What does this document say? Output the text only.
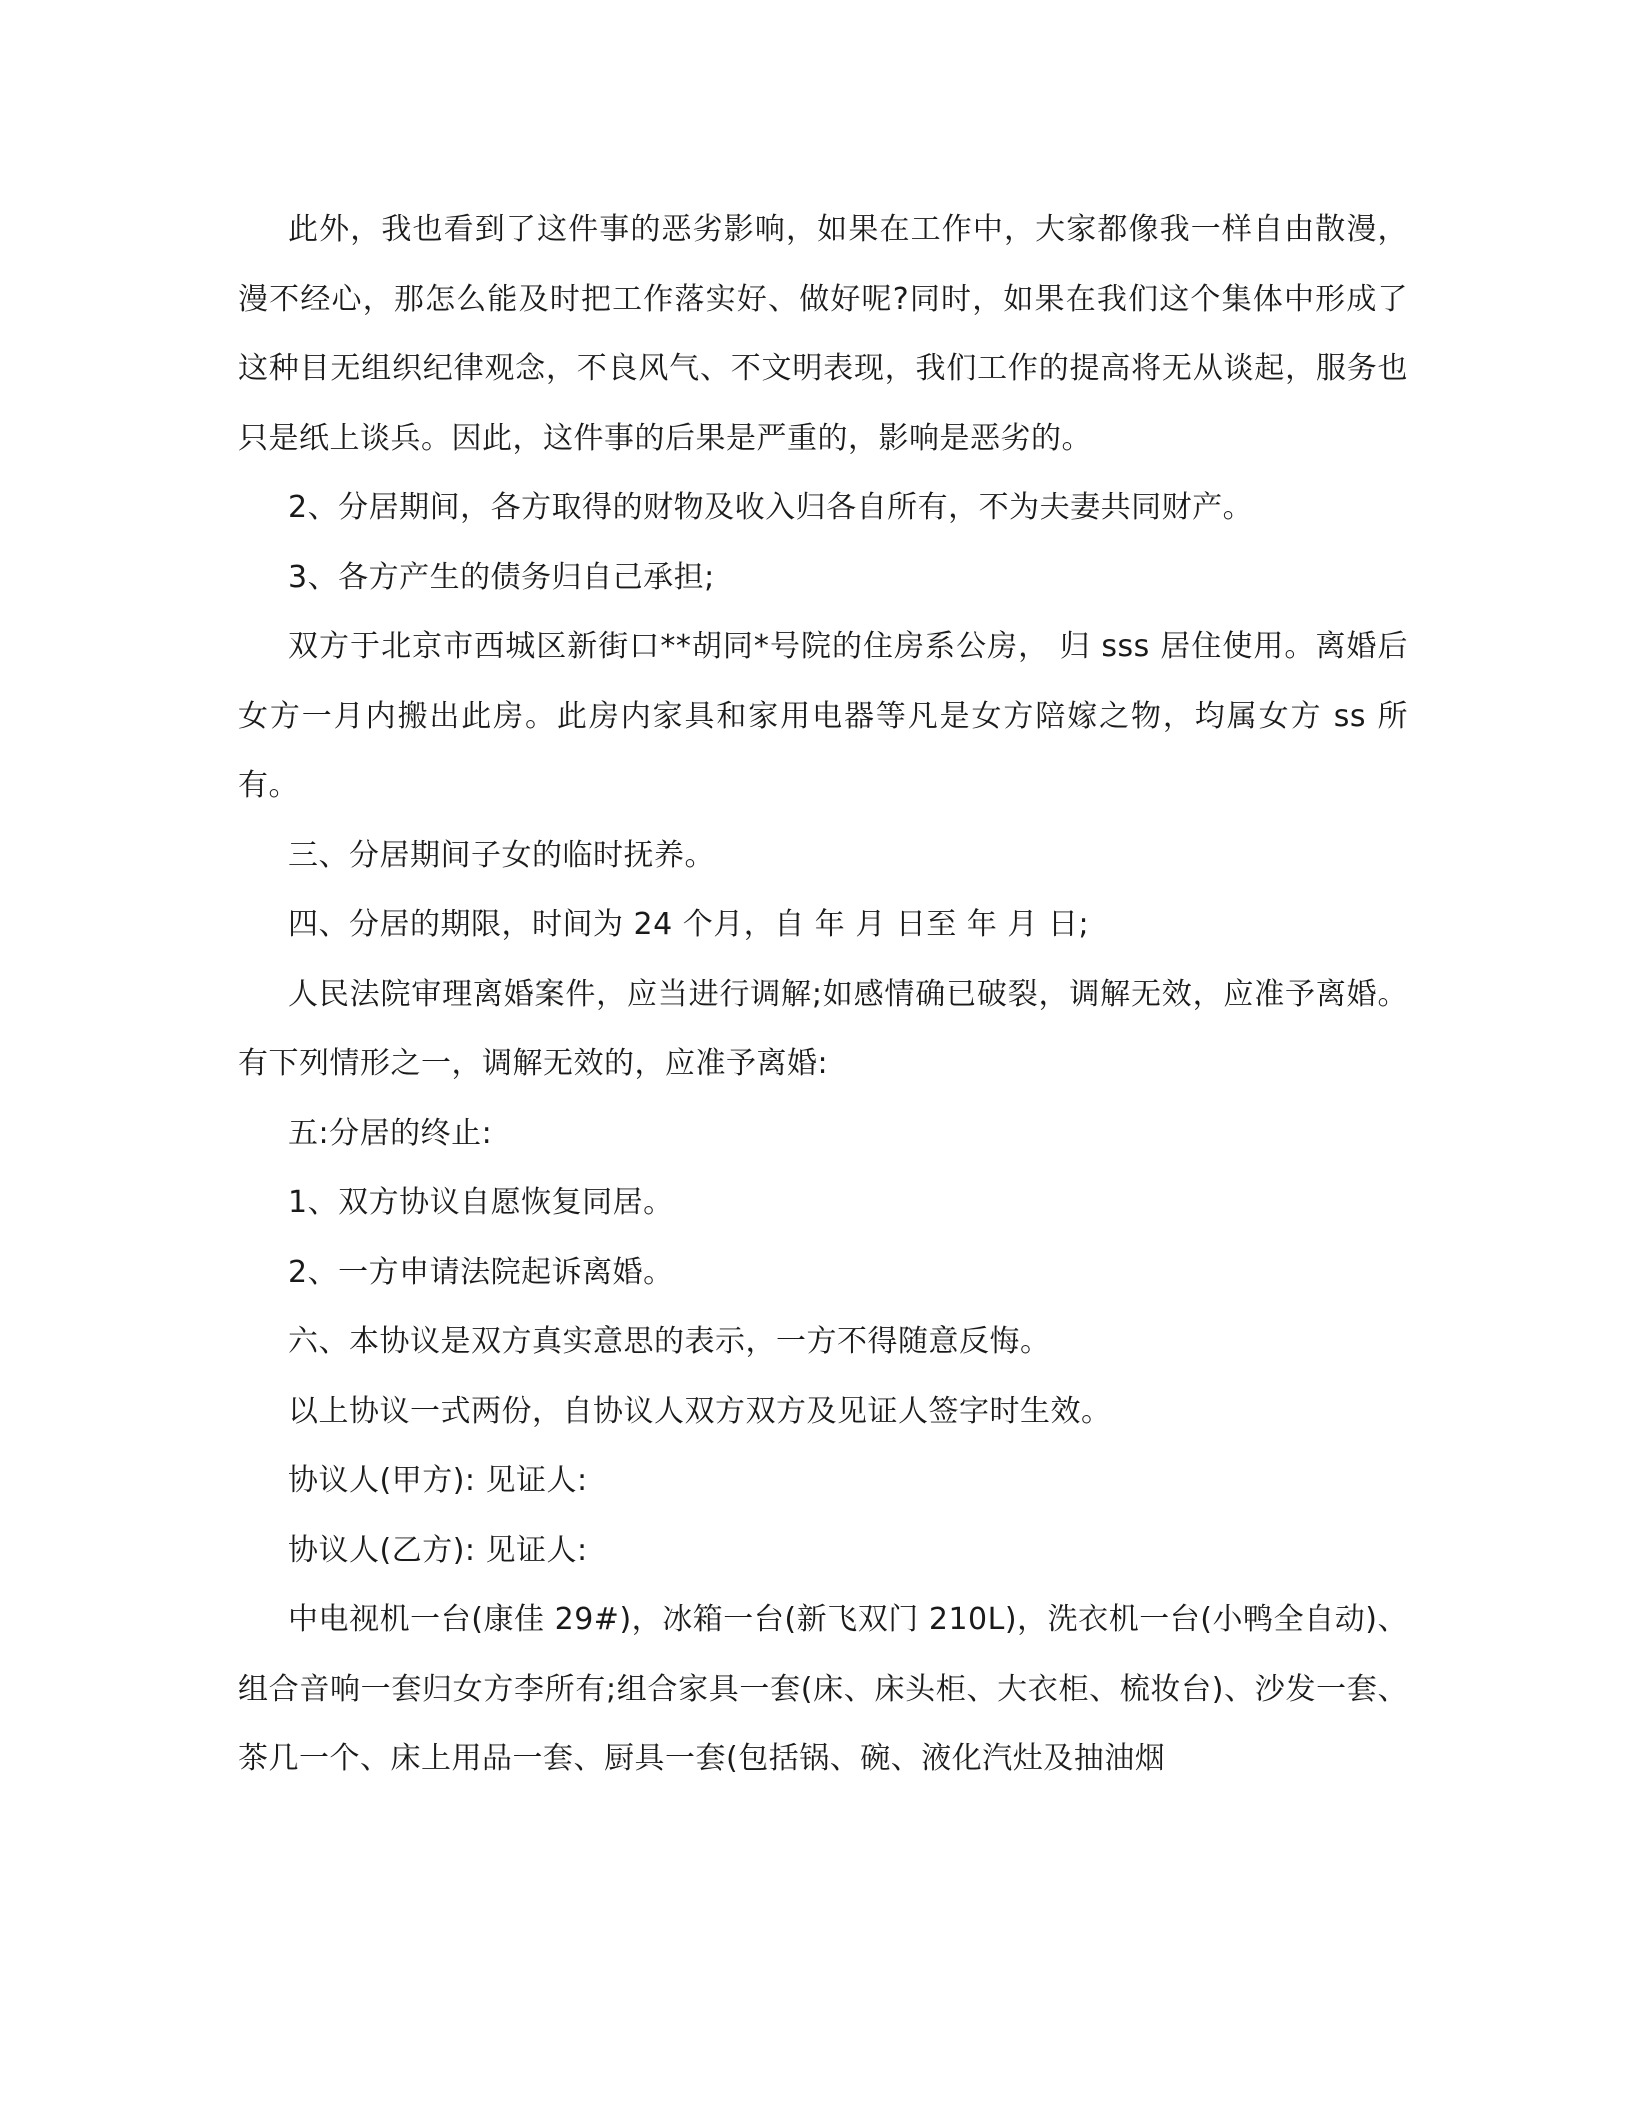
此外，我也看到了这件事的恶劣影响，如果在工作中，大家都像我一样自由散漫，漫不经心，那怎么能及时把工作落实好、做好呢?同时，如果在我们这个集体中形成了这种目无组织纪律观念，不良风气、不文明表现，我们工作的提高将无从谈起，服务也只是纸上谈兵。因此，这件事的后果是严重的，影响是恶劣的。

2、分居期间，各方取得的财物及收入归各自所有，不为夫妻共同财产。

3、各方产生的债务归自己承担;

双方于北京市西城区新街口**胡同*号院的住房系公房， 归 sss 居住使用。离婚后女方一月内搬出此房。此房内家具和家用电器等凡是女方陪嫁之物，均属女方 ss 所有。

三、分居期间子女的临时抚养。

四、分居的期限，时间为 24 个月，自 年 月 日至 年 月 日;

人民法院审理离婚案件，应当进行调解;如感情确已破裂，调解无效，应准予离婚。 有下列情形之一，调解无效的，应准予离婚:

五:分居的终止:

1、双方协议自愿恢复同居。

2、一方申请法院起诉离婚。

六、本协议是双方真实意思的表示，一方不得随意反悔。

以上协议一式两份，自协议人双方双方及见证人签字时生效。

协议人(甲方): 见证人:

协议人(乙方): 见证人:

中电视机一台(康佳 29#)，冰箱一台(新飞双门 210L)，洗衣机一台(小鸭全自动)、组合音响一套归女方李所有;组合家具一套(床、床头柜、大衣柜、梳妆台)、沙发一套、茶几一个、床上用品一套、厨具一套(包括锅、碗、液化汽灶及抽油烟
